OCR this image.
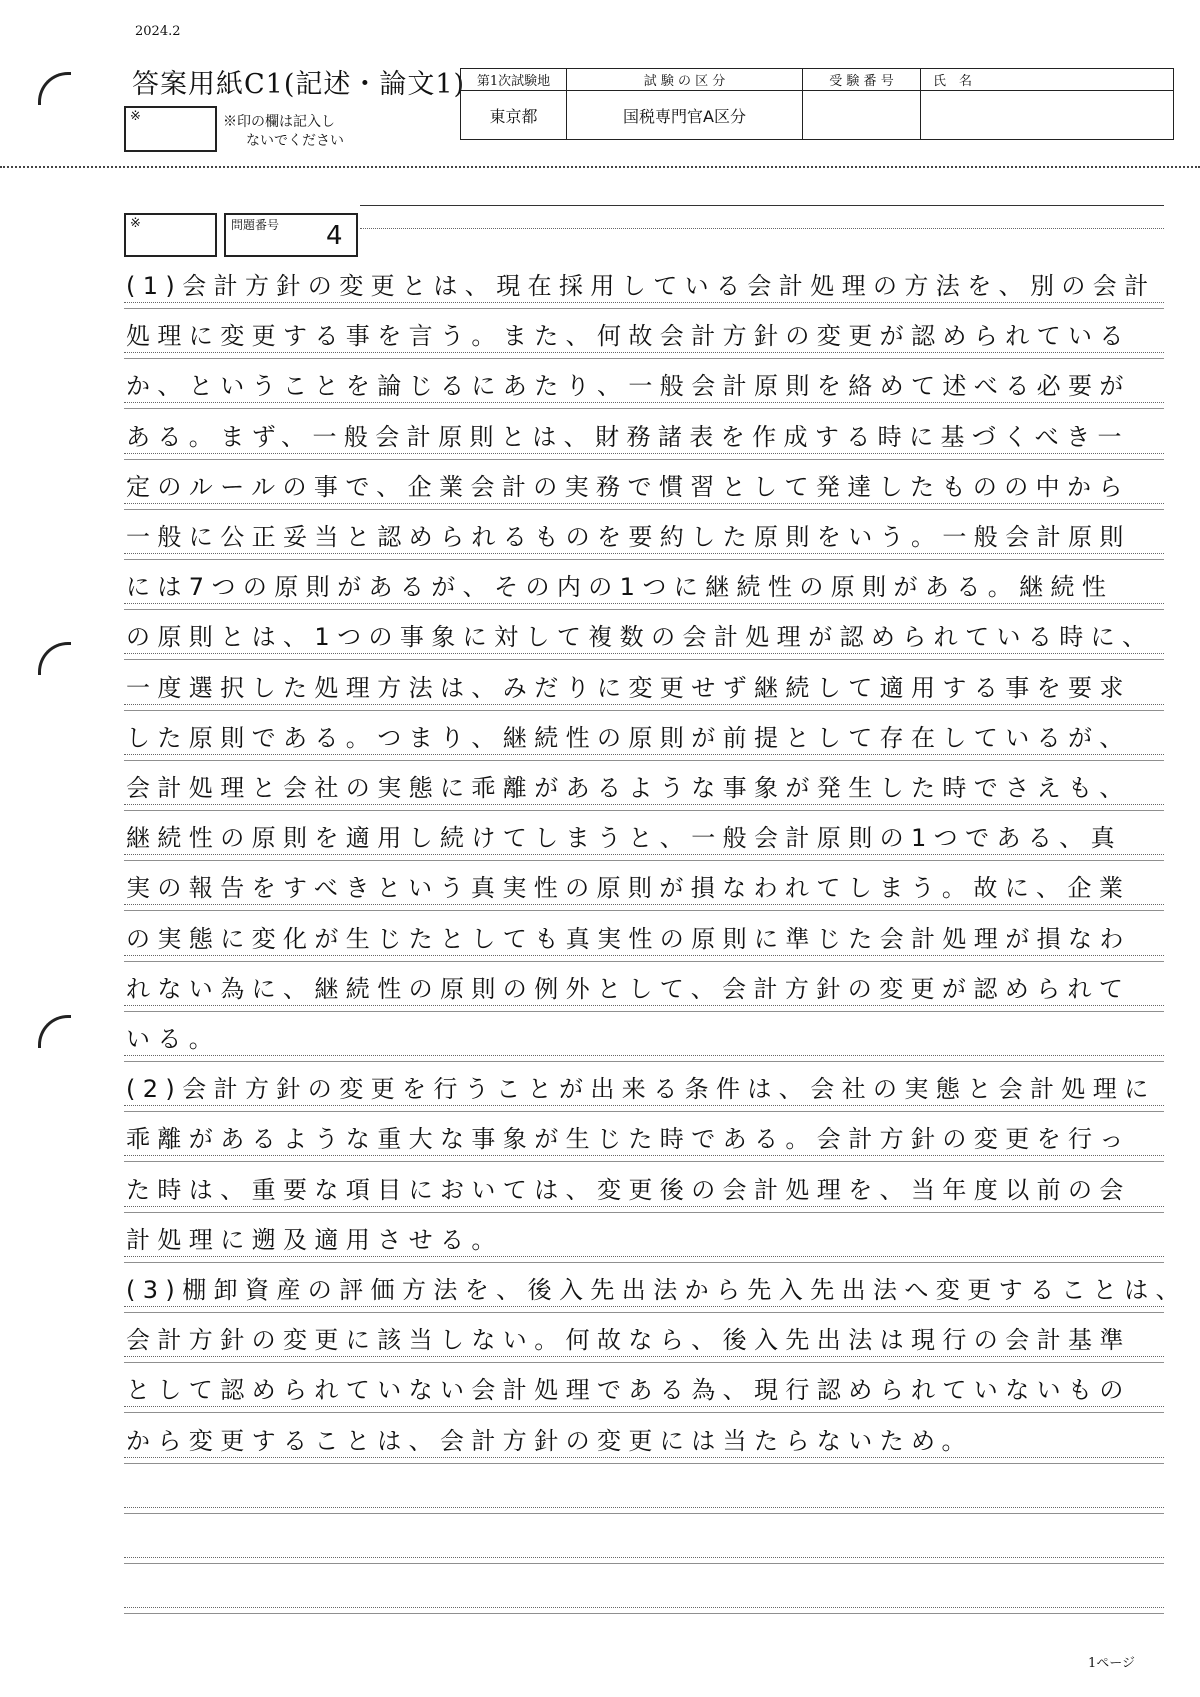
2024.2
答案用紙C1(記述・論文1)
※	※印の欄は記入し
ないでください
第1次試験地	試 験 の 区 分	受 験 番 号	氏　名
東京都	国税専門官A区分		
※	問題番号 4
(1)会計方針の変更とは、現在採用している会計処理の方法を、別の会計
処理に変更する事を言う。また、何故会計方針の変更が認められている
か、ということを論じるにあたり、一般会計原則を絡めて述べる必要が
ある。まず、一般会計原則とは、財務諸表を作成する時に基づくべき一
定のルールの事で、企業会計の実務で慣習として発達したものの中から
一般に公正妥当と認められるものを要約した原則をいう。一般会計原則
には7つの原則があるが、その内の1つに継続性の原則がある。継続性
の原則とは、1つの事象に対して複数の会計処理が認められている時に、
一度選択した処理方法は、みだりに変更せず継続して適用する事を要求
した原則である。つまり、継続性の原則が前提として存在しているが、
会計処理と会社の実態に乖離があるような事象が発生した時でさえも、
継続性の原則を適用し続けてしまうと、一般会計原則の1つである、真
実の報告をすべきという真実性の原則が損なわれてしまう。故に、企業
の実態に変化が生じたとしても真実性の原則に準じた会計処理が損なわ
れない為に、継続性の原則の例外として、会計方針の変更が認められて
いる。
(2)会計方針の変更を行うことが出来る条件は、会社の実態と会計処理に
乖離があるような重大な事象が生じた時である。会計方針の変更を行っ
た時は、重要な項目においては、変更後の会計処理を、当年度以前の会
計処理に遡及適用させる。
(3)棚卸資産の評価方法を、後入先出法から先入先出法へ変更することは、
会計方針の変更に該当しない。何故なら、後入先出法は現行の会計基準
として認められていない会計処理である為、現行認められていないもの
から変更することは、会計方針の変更には当たらないため。
1ページ
